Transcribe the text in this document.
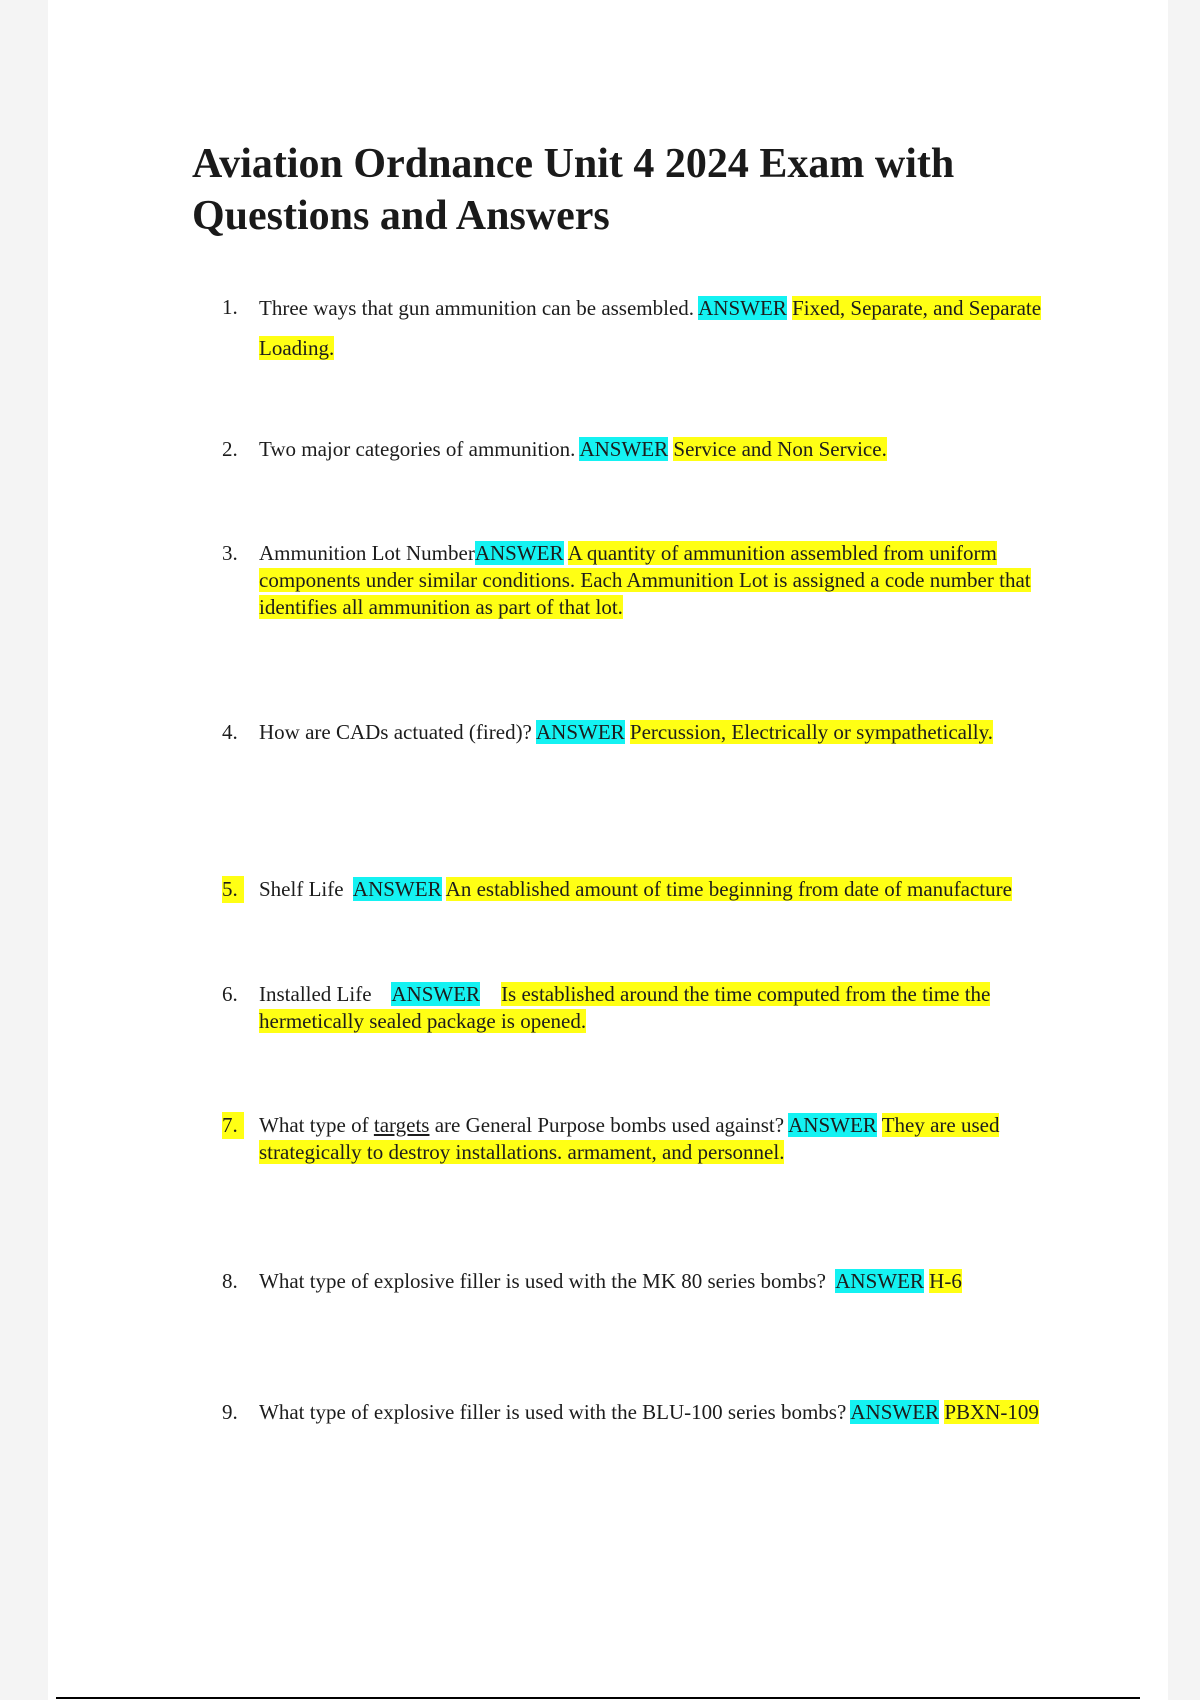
Aviation Ordnance Unit 4 2024 Exam with Questions and Answers
1.	Three ways that gun ammunition can be assembled. ANSWER Fixed, Separate, and Separate Loading.
2.	Two major categories of ammunition. ANSWER Service and Non Service.
3.	Ammunition Lot NumberANSWER A quantity of ammunition assembled from uniform components under similar conditions. Each Ammunition Lot is assigned a code number that identifies all ammunition as part of that lot.
4.	How are CADs actuated (fired)? ANSWER Percussion, Electrically or sympathetically.
5. Shelf Life ANSWER An established amount of time beginning from date of manufacture
6.	Installed Life ANSWER Is established around the time computed from the time the hermetically sealed package is opened.
7. What type of targets are General Purpose bombs used against? ANSWER They are used strategically to destroy installations. armament, and personnel.
8.	What type of explosive filler is used with the MK 80 series bombs? ANSWER H-6
9.	What type of explosive filler is used with the BLU-100 series bombs? ANSWER PBXN-109
